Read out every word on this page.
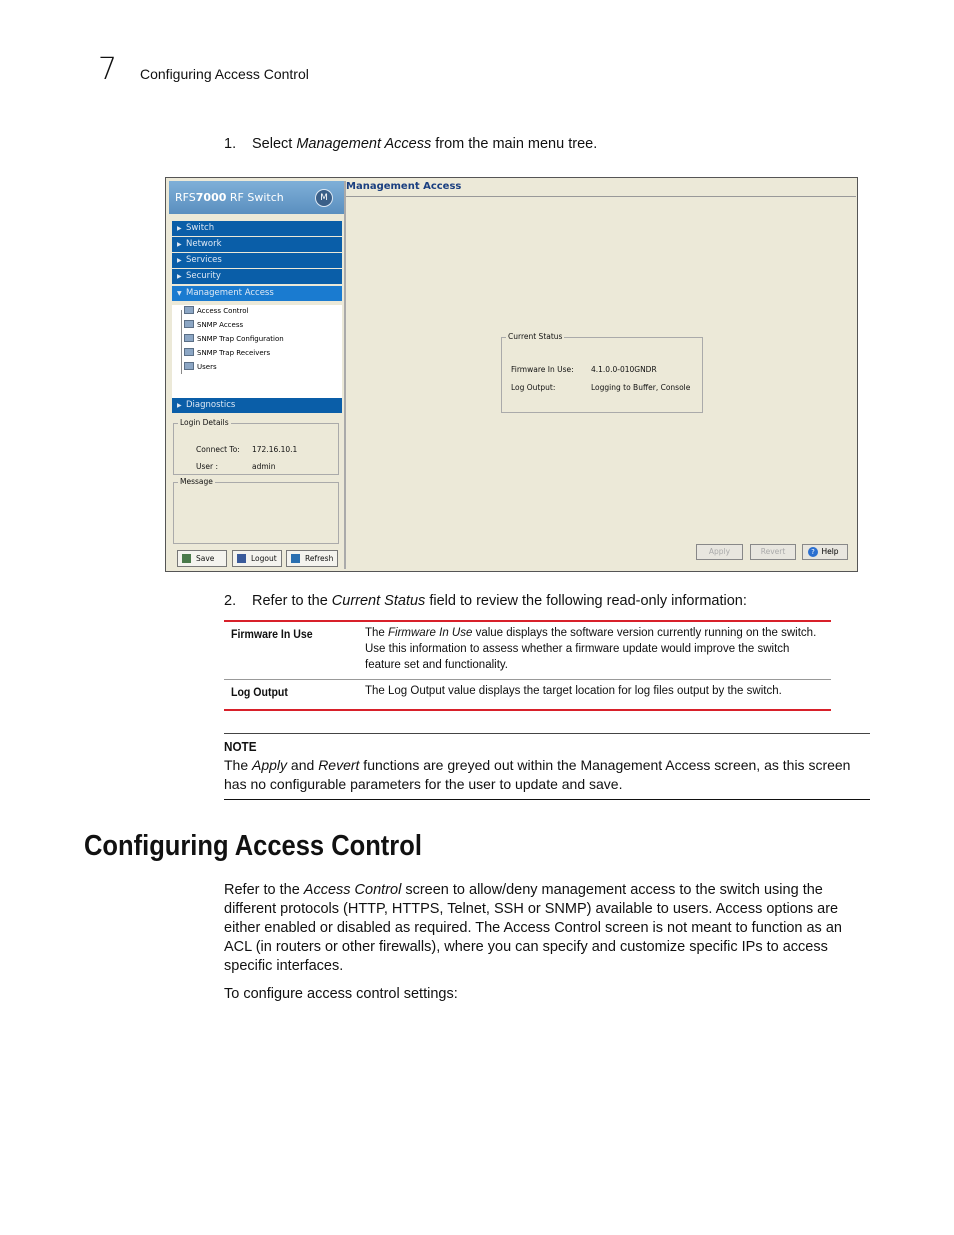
7 Configuring Access Control
1. Select Management Access from the main menu tree.
RFS7000 RF Switch	M
▶ Switch
▶ Network
▶ Services
▶ Security
▼ Management Access
Access Control
SNMP Access
SNMP Trap Configuration
SNMP Trap Receivers
Users
▶ Diagnostics
Login Details
Connect To: 172.16.10.1
User :	admin
Message
Save	Logout	Refresh
Management Access
Current Status
Firmware In Use: 4.1.0.0-010GNDR
Log Output:	Logging to Buffer, Console
Apply	Revert	? Help
2. Refer to the Current Status field to review the following read-only information:
Firmware In Use	The Firmware In Use value displays the software version currently running on the switch. Use this information to assess whether a firmware update would improve the switch feature set and functionality.
Log Output	The Log Output value displays the target location for log files output by the switch.
NOTE
The Apply and Revert functions are greyed out within the Management Access screen, as this screen has no configurable parameters for the user to update and save.
Configuring Access Control
Refer to the Access Control screen to allow/deny management access to the switch using the different protocols (HTTP, HTTPS, Telnet, SSH or SNMP) available to users. Access options are either enabled or disabled as required. The Access Control screen is not meant to function as an ACL (in routers or other firewalls), where you can specify and customize specific IPs to access specific interfaces.
To configure access control settings:
